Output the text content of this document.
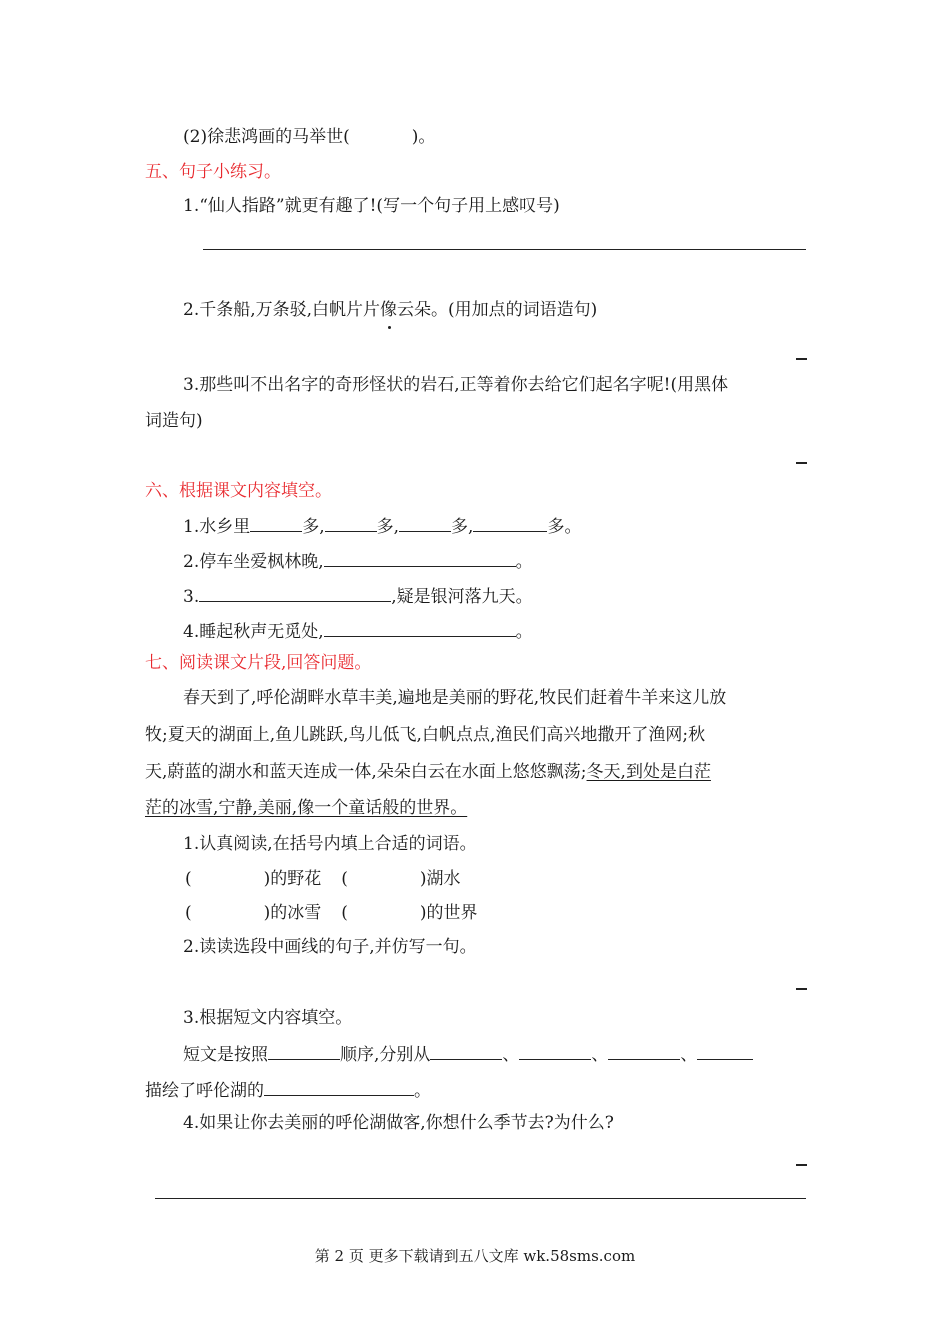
(2)徐悲鸿画的马举世(	)。
五、句子小练习。
1.“仙人指路”就更有趣了!(写一个句子用上感叹号)
2.千条船,万条驳,白帆片片像云朵。(用加点的词语造句)
3.那些叫不出名字的奇形怪状的岩石,正等着你去给它们起名字呢!(用黑体
词造句)
六、根据课文内容填空。
1.水乡里	多,	多,	多,	多。
2.停车坐爱枫林晚,	。
3.	,疑是银河落九天。
4.睡起秋声无觅处,	。
七、阅读课文片段,回答问题。
春天到了,呼伦湖畔水草丰美,遍地是美丽的野花,牧民们赶着牛羊来这儿放
牧;夏天的湖面上,鱼儿跳跃,鸟儿低飞,白帆点点,渔民们高兴地撒开了渔网;秋
天,蔚蓝的湖水和蓝天连成一体,朵朵白云在水面上悠悠飘荡;冬天,到处是白茫
茫的冰雪,宁静,美丽,像一个童话般的世界。
1.认真阅读,在括号内填上合适的词语。
(	)的野花 (	)湖水
(	)的冰雪 (	)的世界
2.读读选段中画线的句子,并仿写一句。
3.根据短文内容填空。
短文是按照	顺序,分别从	、	、	、
描绘了呼伦湖的	。
4.如果让你去美丽的呼伦湖做客,你想什么季节去?为什么?
第 2 页 更多下载请到五八文库 wk.58sms.com
